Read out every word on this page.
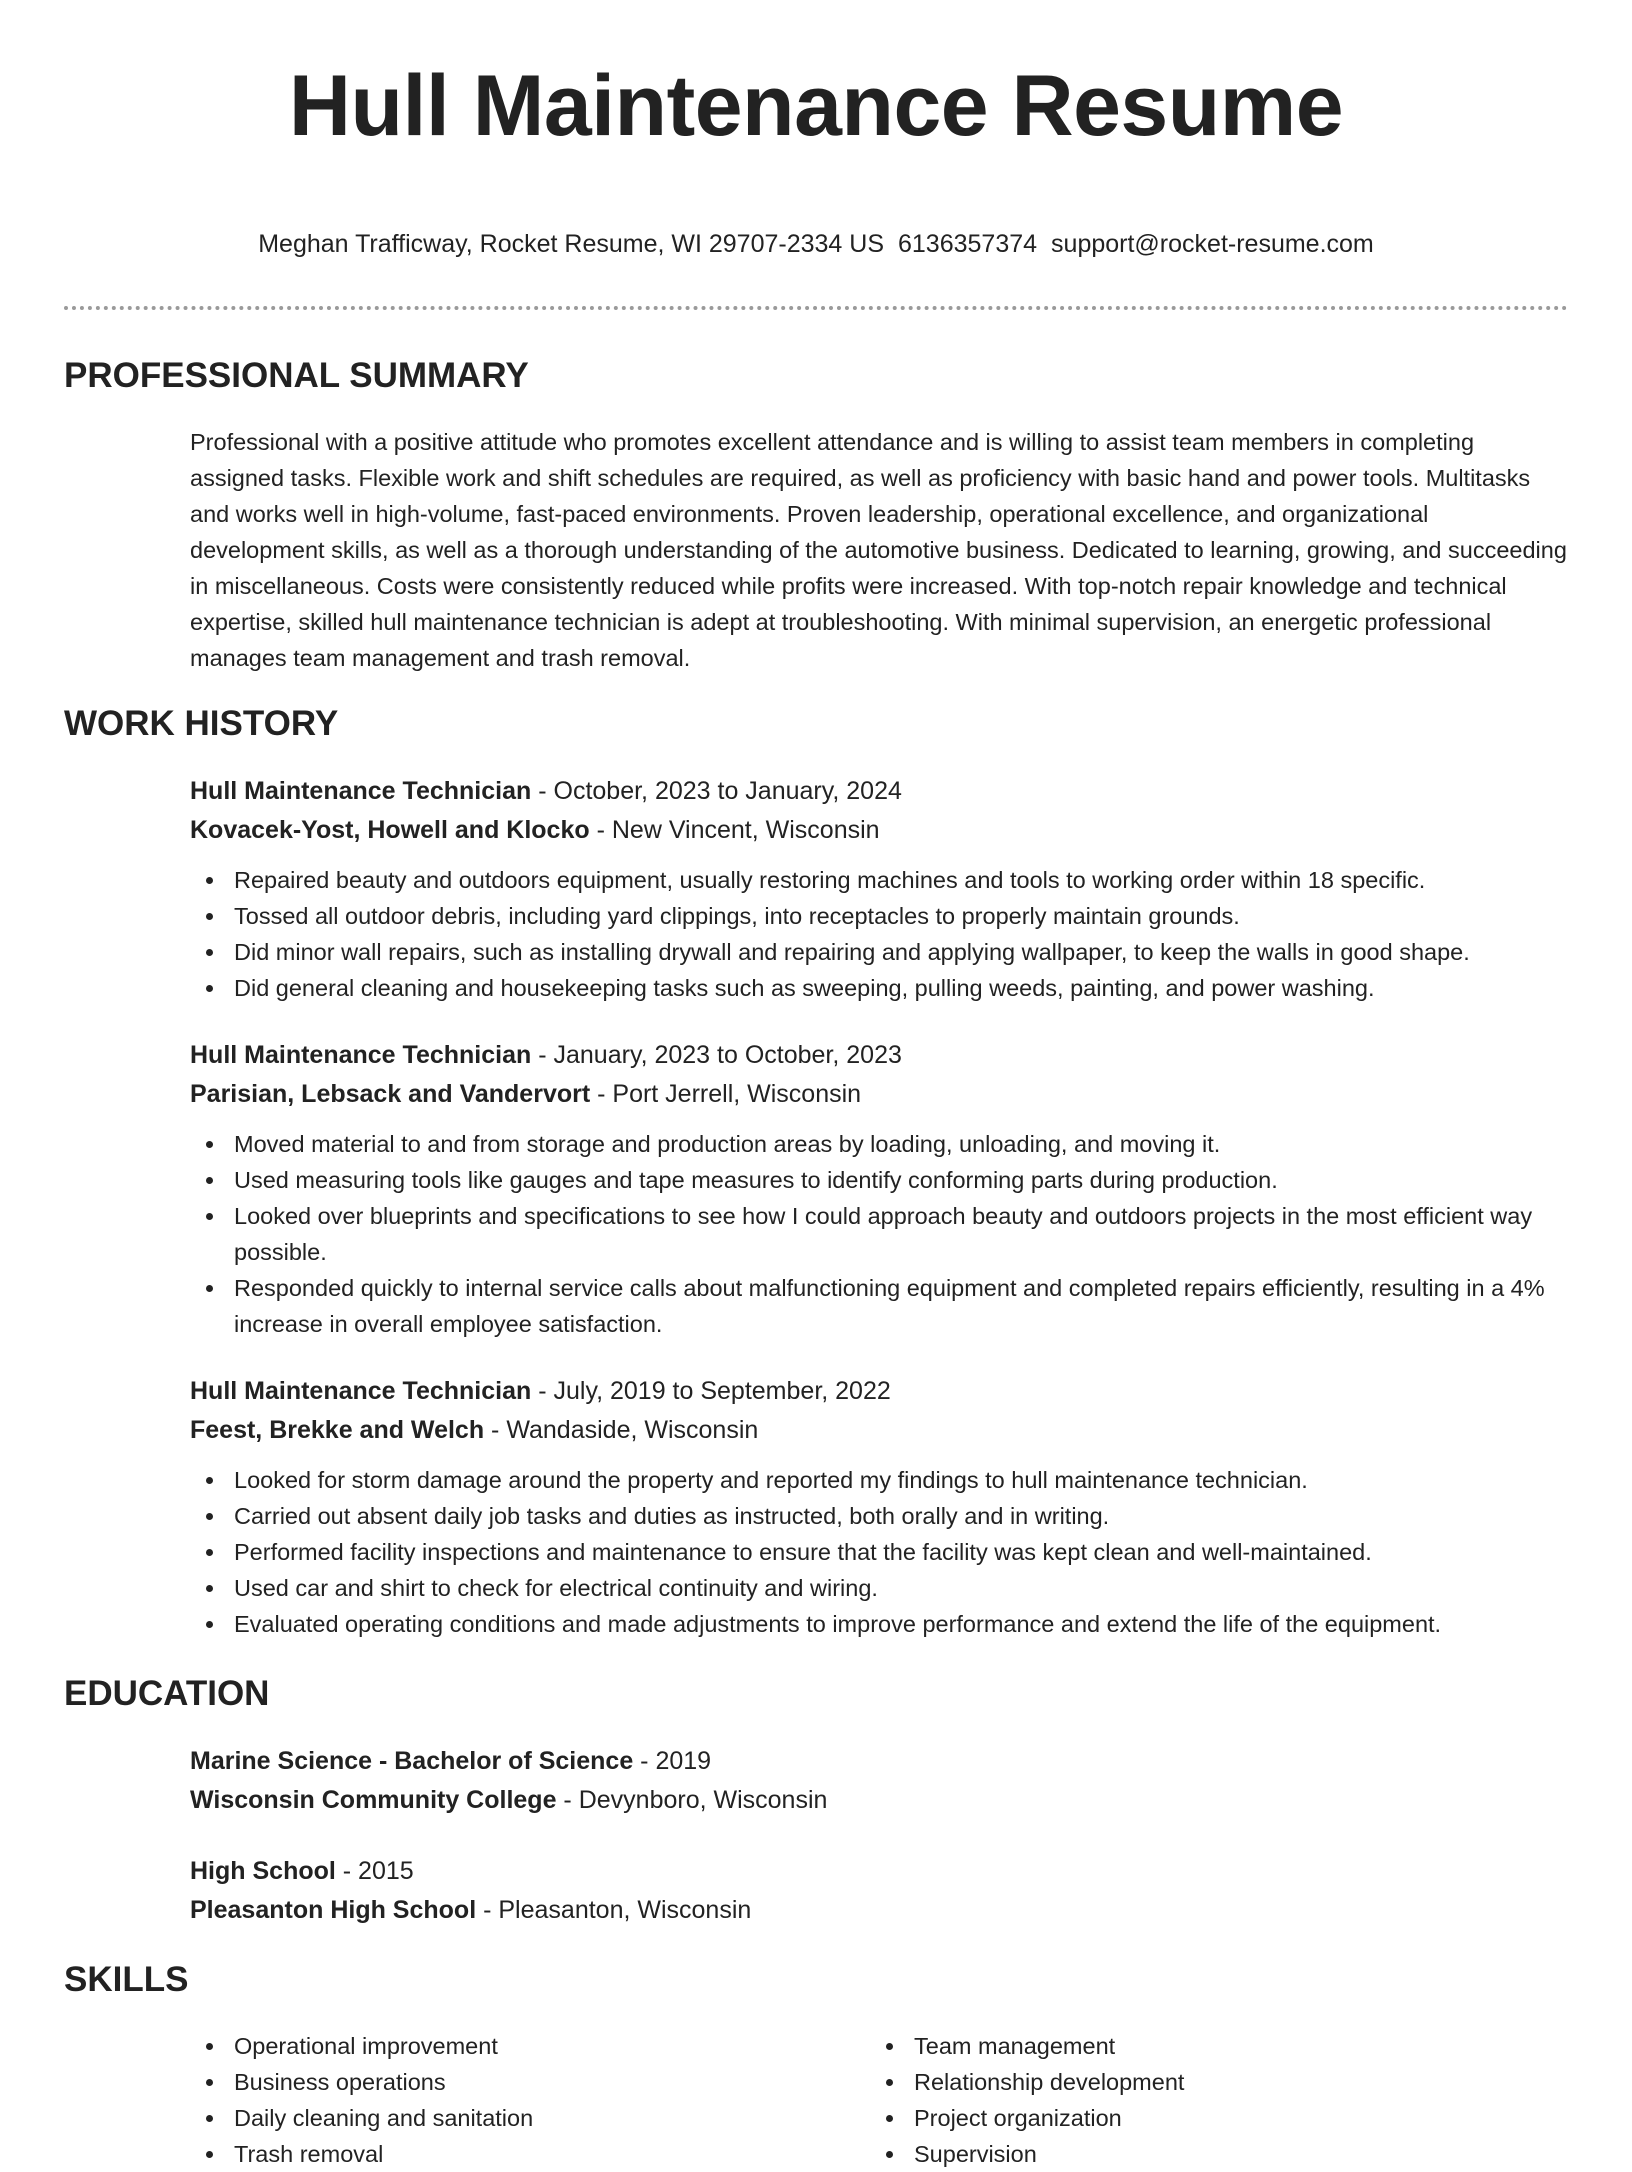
Hull Maintenance Resume
Meghan Trafficway, Rocket Resume, WI 29707-2334 US 6136357374 support@rocket-resume.com
PROFESSIONAL SUMMARY

Professional with a positive attitude who promotes excellent attendance and is willing to assist team members in completing assigned tasks. Flexible work and shift schedules are required, as well as proficiency with basic hand and power tools. Multitasks and works well in high-volume, fast-paced environments. Proven leadership, operational excellence, and organizational development skills, as well as a thorough understanding of the automotive business. Dedicated to learning, growing, and succeeding in miscellaneous. Costs were consistently reduced while profits were increased. With top-notch repair knowledge and technical expertise, skilled hull maintenance technician is adept at troubleshooting. With minimal supervision, an energetic professional manages team management and trash removal.

WORK HISTORY
Hull Maintenance Technician - October, 2023 to January, 2024
Kovacek-Yost, Howell and Klocko - New Vincent, Wisconsin
Repaired beauty and outdoors equipment, usually restoring machines and tools to working order within 18 specific.
Tossed all outdoor debris, including yard clippings, into receptacles to properly maintain grounds.
Did minor wall repairs, such as installing drywall and repairing and applying wallpaper, to keep the walls in good shape.
Did general cleaning and housekeeping tasks such as sweeping, pulling weeds, painting, and power washing.
Hull Maintenance Technician - January, 2023 to October, 2023
Parisian, Lebsack and Vandervort - Port Jerrell, Wisconsin
Moved material to and from storage and production areas by loading, unloading, and moving it.
Used measuring tools like gauges and tape measures to identify conforming parts during production.
Looked over blueprints and specifications to see how I could approach beauty and outdoors projects in the most efficient way possible.
Responded quickly to internal service calls about malfunctioning equipment and completed repairs efficiently, resulting in a 4% increase in overall employee satisfaction.
Hull Maintenance Technician - July, 2019 to September, 2022
Feest, Brekke and Welch - Wandaside, Wisconsin
Looked for storm damage around the property and reported my findings to hull maintenance technician.
Carried out absent daily job tasks and duties as instructed, both orally and in writing.
Performed facility inspections and maintenance to ensure that the facility was kept clean and well-maintained.
Used car and shirt to check for electrical continuity and wiring.
Evaluated operating conditions and made adjustments to improve performance and extend the life of the equipment.
EDUCATION
Marine Science - Bachelor of Science - 2019
Wisconsin Community College - Devynboro, Wisconsin
High School - 2015
Pleasanton High School - Pleasanton, Wisconsin
SKILLS
Operational improvement
Business operations
Daily cleaning and sanitation
Trash removal
Team management
Relationship development
Project organization
Supervision
